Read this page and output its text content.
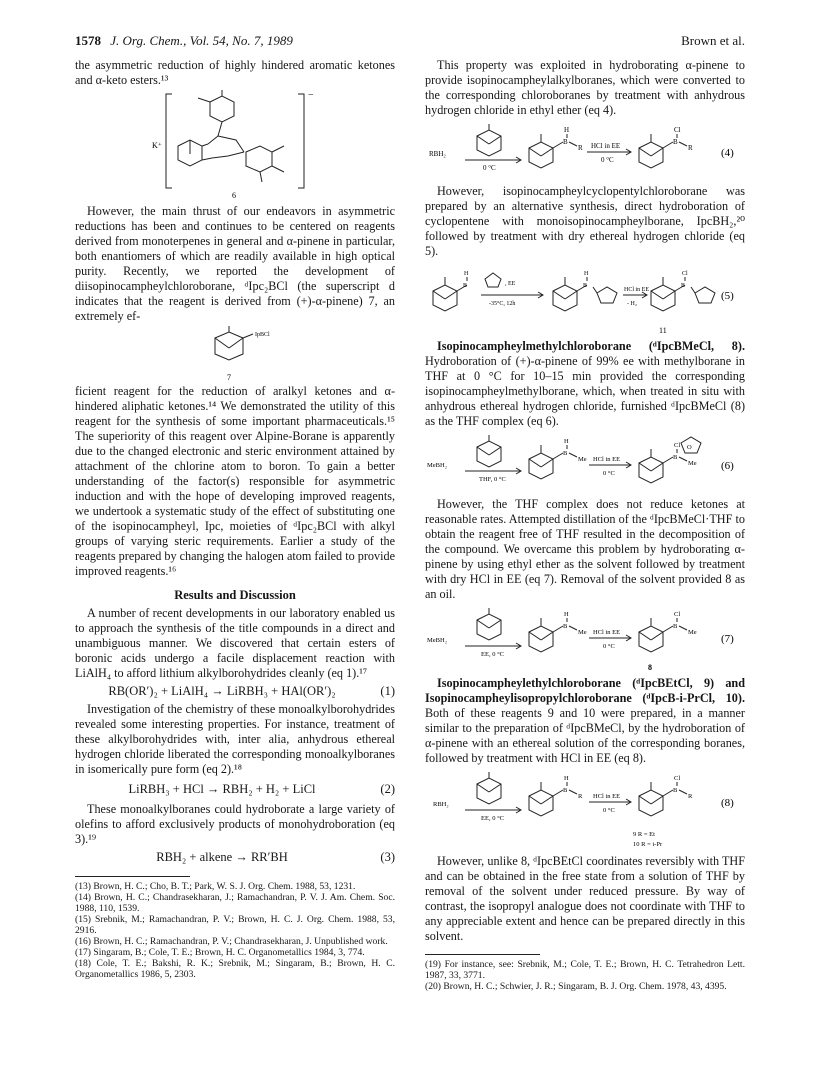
1578 J. Org. Chem., Vol. 54, No. 7, 1989	Brown et al.

the asymmetric reduction of highly hindered aromatic ketones and α-keto esters.¹³

K⁺
−
6

However, the main thrust of our endeavors in asymmetric reductions has been and continues to be centered on reagents derived from monoterpenes in general and α-pinene in particular, both enantiomers of which are readily available in high optical purity. Recently, we reported the development of diisopinocampheylchloroborane, ᵈIpc₂BCl (the superscript d indicates that the reagent is derived from (+)-α-pinene) 7, an extremely ef-

IpBCl
7

ficient reagent for the reduction of aralkyl ketones and α-hindered aliphatic ketones.¹⁴ We demonstrated the utility of this reagent for the synthesis of some important pharmaceuticals.¹⁵ The superiority of this reagent over Alpine-Borane is apparently due to the changed electronic and steric environment attained by attachment of the chlorine atom to boron. To gain a better understanding of the factor(s) responsible for asymmetric induction and with the hope of developing improved reagents, we undertook a systematic study of the effect of substituting one of the isopinocampheyl, Ipc, moieties of ᵈIpc₂BCl with alkyl groups of varying steric requirements. Earlier a study of the reagents prepared by changing the halogen atom failed to provide improved reagents.¹⁶

Results and Discussion

A number of recent developments in our laboratory enabled us to approach the synthesis of the title compounds in a direct and unambiguous manner. We discovered that certain esters of boronic acids undergo a facile displacement reaction with LiAlH₄ to afford lithium alkylborohydrides cleanly (eq 1).¹⁷

RB(OR′)₂ + LiAlH₄ → LiRBH₃ + HAl(OR′)₂	(1)

Investigation of the chemistry of these monoalkylborohydrides revealed some interesting properties. For instance, treatment of these alkylborohydrides with, inter alia, anhydrous ethereal hydrogen chloride liberated the corresponding monoalkylboranes in isomerically pure form (eq 2).¹⁸

LiRBH₃ + HCl → RBH₂ + H₂ + LiCl	(2)

These monoalkylboranes could hydroborate a large variety of olefins to afford exclusively products of monohydroboration (eq 3).¹⁹

RBH₂ + alkene → RR′BH	(3)

(13) Brown, H. C.; Cho, B. T.; Park, W. S. J. Org. Chem. 1988, 53, 1231.

(14) Brown, H. C.; Chandrasekharan, J.; Ramachandran, P. V. J. Am. Chem. Soc. 1988, 110, 1539.

(15) Srebnik, M.; Ramachandran, P. V.; Brown, H. C. J. Org. Chem. 1988, 53, 2916.

(16) Brown, H. C.; Ramachandran, P. V.; Chandrasekharan, J. Unpublished work.

(17) Singaram, B.; Cole, T. E.; Brown, H. C. Organometallics 1984, 3, 774.

(18) Cole, T. E.; Bakshi, R. K.; Srebnik, M.; Singaram, B.; Brown, H. C. Organometallics 1986, 5, 2303.

This property was exploited in hydroborating α-pinene to provide isopinocampheylalkylboranes, which were converted to the corresponding chloroboranes by treatment with anhydrous hydrogen chloride in ethyl ether (eq 4).

RBH₂
0 °C
H
B
R HCl in EE
0 °C
Cl
B
R	(4)

However, isopinocampheylcyclopentylchloroborane was prepared by an alternative synthesis, direct hydroboration of cyclopentene with monoisopinocampheylborane, IpcBH₂,²⁰ followed by treatment with dry ethereal hydrogen chloride (eq 5).

H
B	, EE
-35°C, 12h
H
B
HCl in EE
- H₂
Cl
B
11
(5)

Isopinocampheylmethylchloroborane (ᵈIpcBMeCl, 8). Hydroboration of (+)-α-pinene of 99% ee with methylborane in THF at 0 °C for 10–15 min provided the corresponding isopinocampheylmethylborane, which, when treated in situ with anhydrous ethereal hydrogen chloride, furnished ᵈIpcBMeCl (8) as the THF complex (eq 6).

MeBH₂
THF, 0 °C
H
B
Me HCl in EE
0 °C
Cl
B
Me
O
(6)

However, the THF complex does not reduce ketones at reasonable rates. Attempted distillation of the ᵈIpcBMeCl·THF to obtain the reagent free of THF resulted in the decomposition of the compound. We overcame this problem by hydroborating α-pinene by using ethyl ether as the solvent followed by treatment with dry HCl in EE (eq 7). Removal of the solvent provided 8 as an oil.

MeBH₂
EE, 0 °C
H
B
Me HCl in EE
0 °C
Cl
B
Me
8
(7)

Isopinocampheylethylchloroborane (ᵈIpcBEtCl, 9) and Isopinocampheylisopropylchloroborane (ᵈIpcB-i-PrCl, 10). Both of these reagents 9 and 10 were prepared, in a manner similar to the preparation of ᵈIpcBMeCl, by the hydroboration of α-pinene with an ethereal solution of the corresponding boranes, followed by treatment with HCl in EE (eq 8).

RBH₂
EE, 0 °C
H
B
R HCl in EE
0 °C
Cl
B
R
9 R = Et
10 R = i-Pr
(8)

However, unlike 8, ᵈIpcBEtCl coordinates reversibly with THF and can be obtained in the free state from a solution of THF by removal of the solvent under reduced pressure. By way of contrast, the isopropyl analogue does not coordinate with THF to any appreciable extent and hence can be prepared directly in this solvent.

(19) For instance, see: Srebnik, M.; Cole, T. E.; Brown, H. C. Tetrahedron Lett. 1987, 33, 3771.

(20) Brown, H. C.; Schwier, J. R.; Singaram, B. J. Org. Chem. 1978, 43, 4395.
